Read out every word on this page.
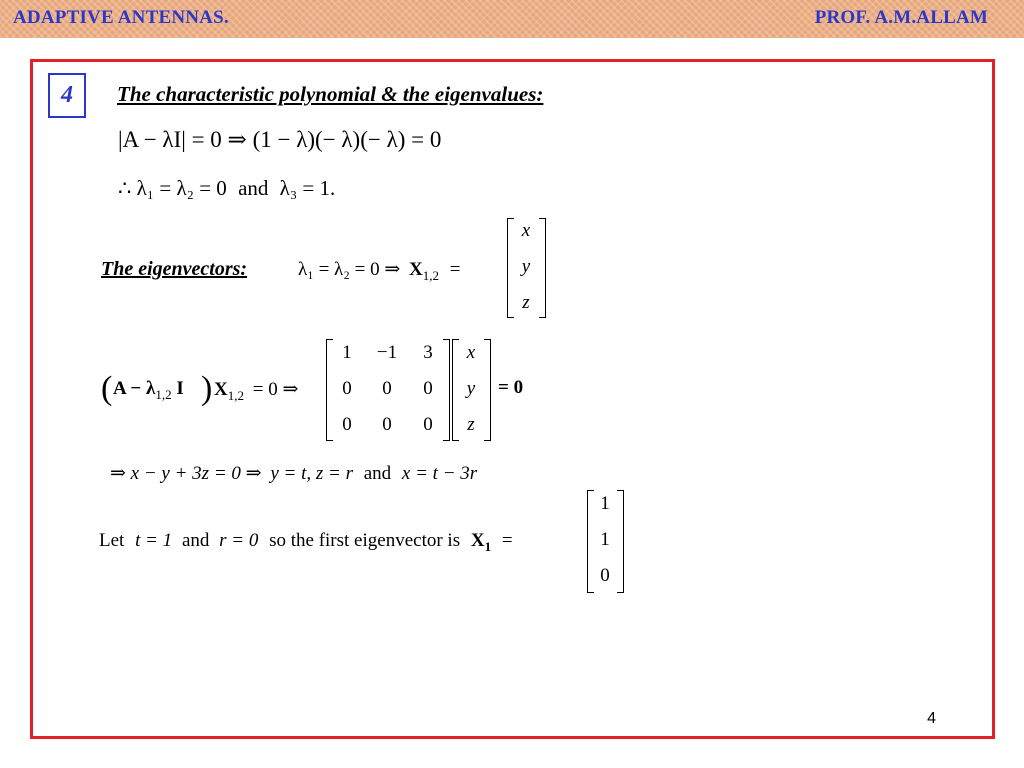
ADAPTIVE ANTENNAS.	PROF. A.M.ALLAM
4	The characteristic polynomial & the eigenvalues:
|A − λI| = 0 ⇒ (1 − λ)(− λ)(− λ) = 0
∴ λ₁ = λ₂ = 0 and λ₃ = 1.
The eigenvectors:	λ₁ = λ₂ = 0 ⇒ $X_{1,2}$ =
x
y
z
( $A - \lambda_{1,2}$ I ) $X_{1,2} = 0$ ⇒
1	−1	3
0	0	0
0	0	0
x
y
z
= 0
⇒ x − y + 3z = 0 ⇒ y = t, z = r and x = t − 3r
Let t = 1 and r = 0 so the first eigenvector is $X_1$ =
1
1
0
4
